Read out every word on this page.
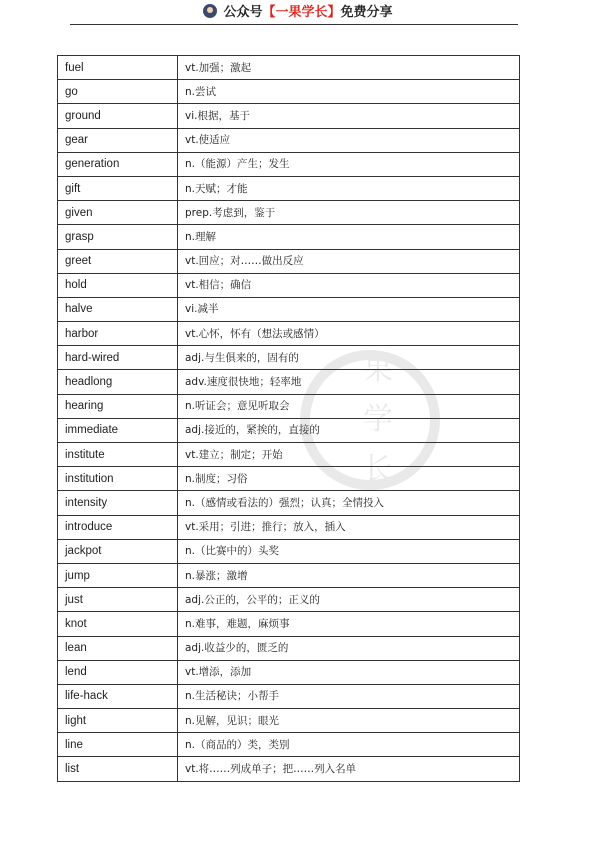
公众号【一果学长】免费分享
fuel	vt.加强；激起
go	n.尝试
ground	vi.根据，基于
gear	vt.使适应
generation	n.（能源）产生；发生
gift	n.天赋；才能
given	prep.考虑到，鉴于
grasp	n.理解
greet	vt.回应；对……做出反应
hold	vt.相信；确信
halve	vi.减半
harbor	vt.心怀，怀有（想法或感情）
hard-wired	adj.与生俱来的，固有的
headlong	adv.速度很快地；轻率地
hearing	n.听证会；意见听取会
immediate	adj.接近的，紧挨的，直接的
institute	vt.建立；制定；开始
institution	n.制度；习俗
intensity	n.（感情或看法的）强烈；认真；全情投入
introduce	vt.采用；引进；推行；放入，插入
jackpot	n.（比赛中的）头奖
jump	n.暴涨；激增
just	adj.公正的，公平的；正义的
knot	n.难事，难题，麻烦事
lean	adj.收益少的，匮乏的
lend	vt.增添，添加
life-hack	n.生活秘诀；小帮手
light	n.见解，见识；眼光
line	n.（商品的）类，类别
list	vt.将……列成单子；把……列入名单
果
学
长
